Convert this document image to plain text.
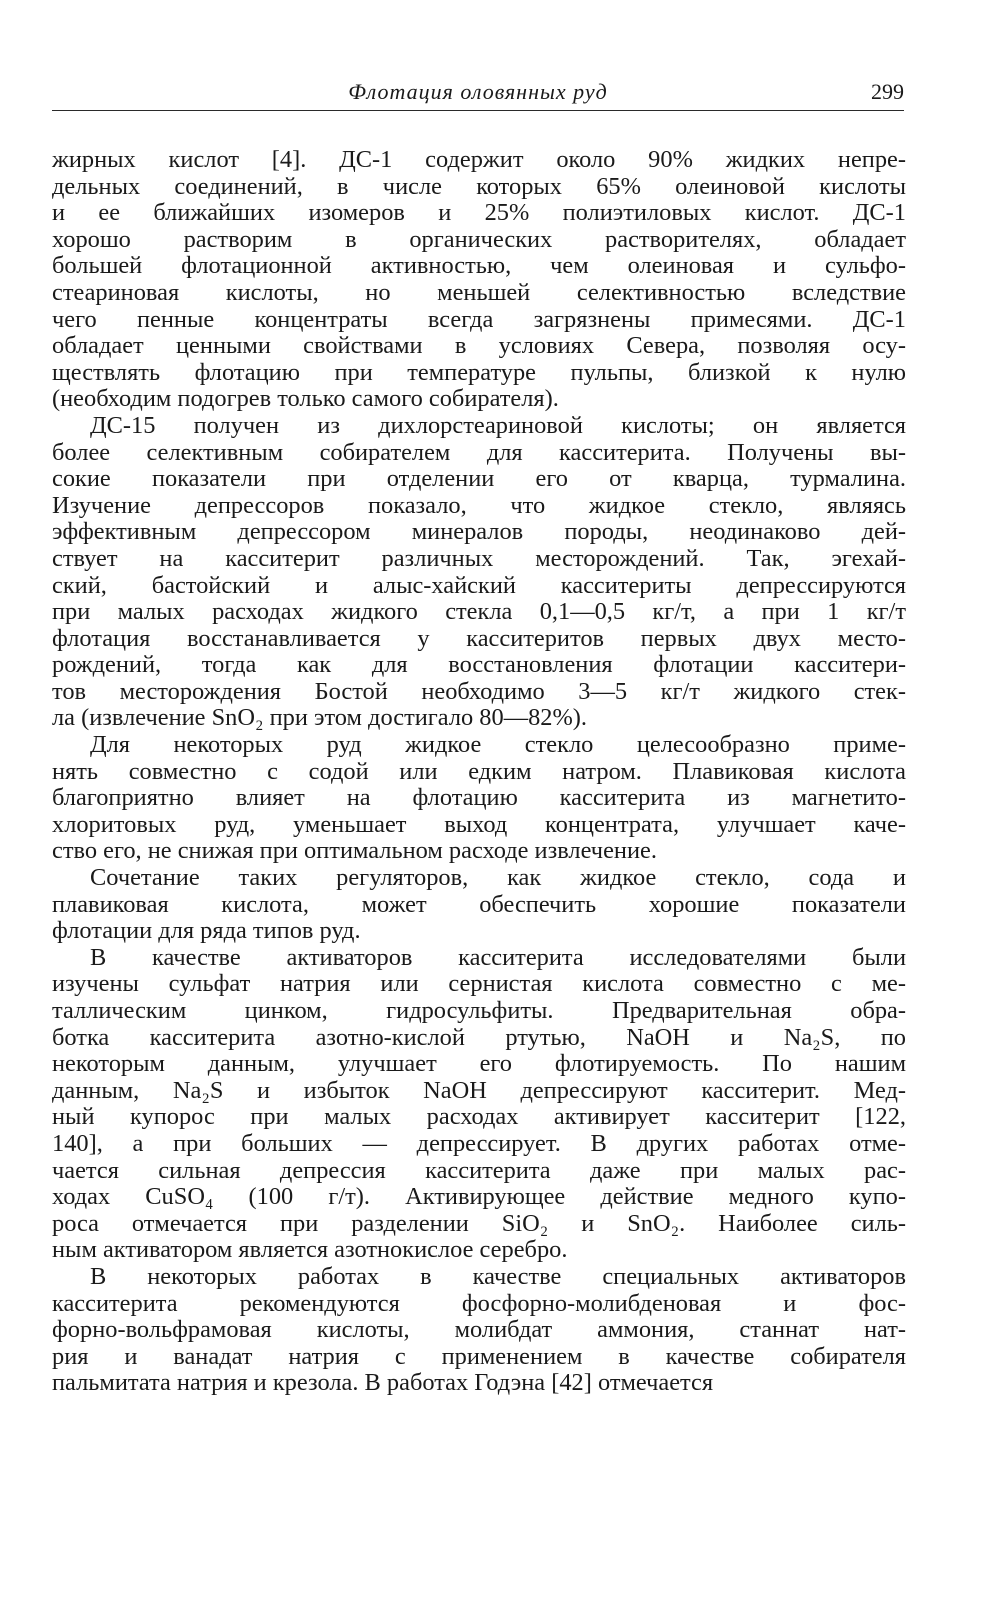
Флотация оловянных руд	299
жирных кислот [4]. ДС-1 содержит около 90% жидких непре-
дельных соединений, в числе которых 65% олеиновой кислоты
и ее ближайших изомеров и 25% полиэтиловых кислот. ДС-1
хорошо растворим в органических растворителях, обладает
большей флотационной активностью, чем олеиновая и сульфо-
стеариновая кислоты, но меньшей селективностью вследствие
чего пенные концентраты всегда загрязнены примесями. ДС-1
обладает ценными свойствами в условиях Севера, позволяя осу-
ществлять флотацию при температуре пульпы, близкой к нулю
(необходим подогрев только самого собирателя).
ДС-15 получен из дихлорстеариновой кислоты; он является
более селективным собирателем для касситерита. Получены вы-
сокие показатели при отделении его от кварца, турмалина.
Изучение депрессоров показало, что жидкое стекло, являясь
эффективным депрессором минералов породы, неодинаково дей-
ствует на касситерит различных месторождений. Так, эгехай-
ский, бастойский и алыс-хайский касситериты депрессируются
при малых расходах жидкого стекла 0,1—0,5 кг/т, а при 1 кг/т
флотация восстанавливается у касситеритов первых двух место-
рождений, тогда как для восстановления флотации касситери-
тов месторождения Бостой необходимо 3—5 кг/т жидкого стек-
ла (извлечение SnO₂ при этом достигало 80—82%).
Для некоторых руд жидкое стекло целесообразно приме-
нять совместно с содой или едким натром. Плавиковая кислота
благоприятно влияет на флотацию касситерита из магнетито-
хлоритовых руд, уменьшает выход концентрата, улучшает каче-
ство его, не снижая при оптимальном расходе извлечение.
Сочетание таких регуляторов, как жидкое стекло, сода и
плавиковая кислота, может обеспечить хорошие показатели
флотации для ряда типов руд.
В качестве активаторов касситерита исследователями были
изучены сульфат натрия или сернистая кислота совместно с ме-
таллическим цинком, гидросульфиты. Предварительная обра-
ботка касситерита азотно-кислой ртутью, NaOH и Na₂S, по
некоторым данным, улучшает его флотируемость. По нашим
данным, Na₂S и избыток NaOH депрессируют касситерит. Мед-
ный купорос при малых расходах активирует касситерит [122,
140], а при больших — депрессирует. В других работах отме-
чается сильная депрессия касситерита даже при малых рас-
ходах CuSO₄ (100 г/т). Активирующее действие медного купо-
роса отмечается при разделении SiO₂ и SnO₂. Наиболее силь-
ным активатором является азотнокислое серебро.
В некоторых работах в качестве специальных активаторов
касситерита рекомендуются фосфорно-молибденовая и фос-
форно-вольфрамовая кислоты, молибдат аммония, станнат нат-
рия и ванадат натрия с применением в качестве собирателя
пальмитата натрия и крезола. В работах Годэна [42] отмечается
